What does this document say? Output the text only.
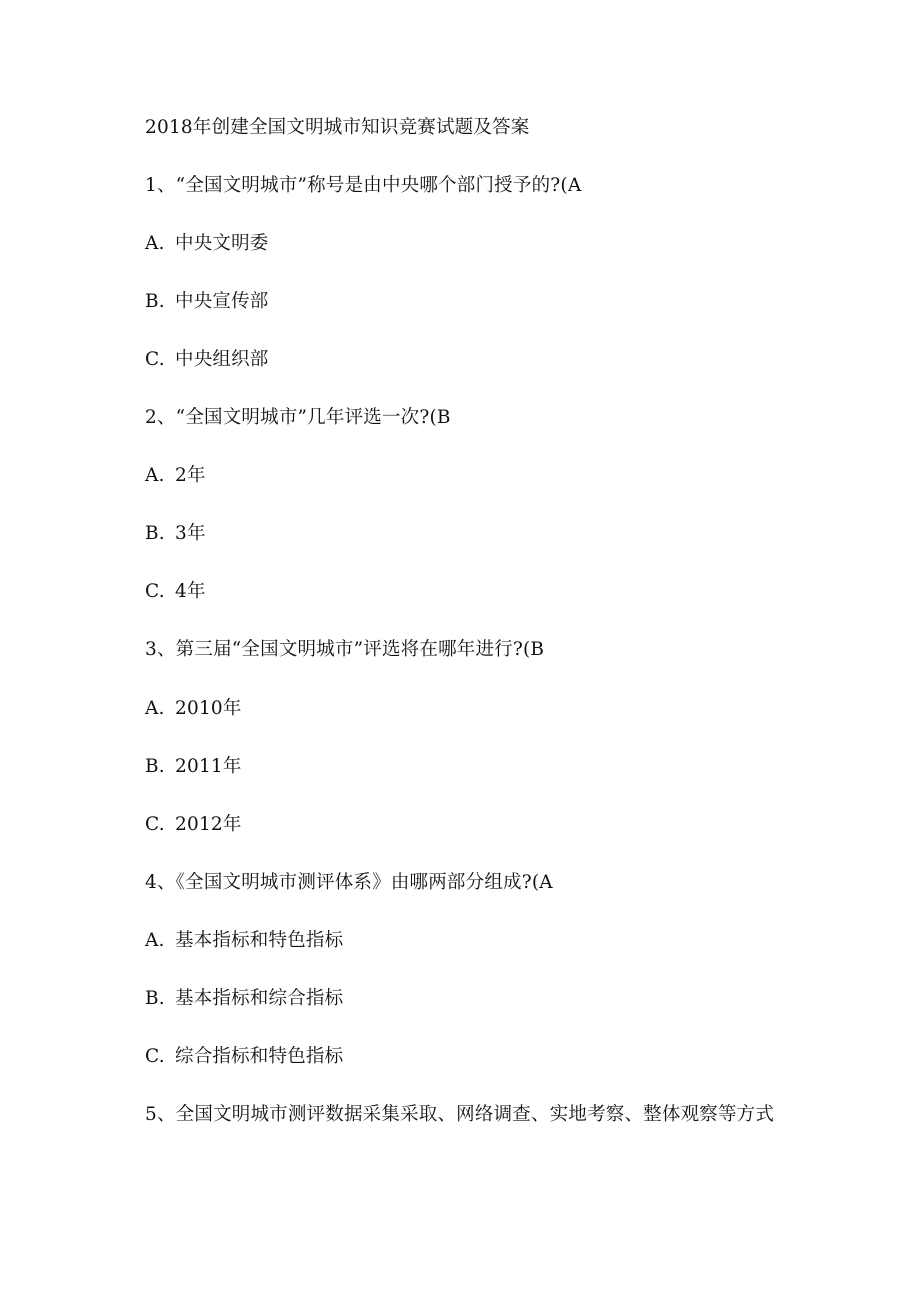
2018年创建全国文明城市知识竞赛试题及答案
1、“全国文明城市”称号是由中央哪个部门授予的?(A
A. 中央文明委
B. 中央宣传部
C. 中央组织部
2、“全国文明城市”几年评选一次?(B
A. 2年
B. 3年
C. 4年
3、第三届“全国文明城市”评选将在哪年进行?(B
A. 2010年
B. 2011年
C. 2012年
4、《全国文明城市测评体系》由哪两部分组成?(A
A. 基本指标和特色指标
B. 基本指标和综合指标
C. 综合指标和特色指标
5、全国文明城市测评数据采集采取、网络调查、实地考察、整体观察等方式
